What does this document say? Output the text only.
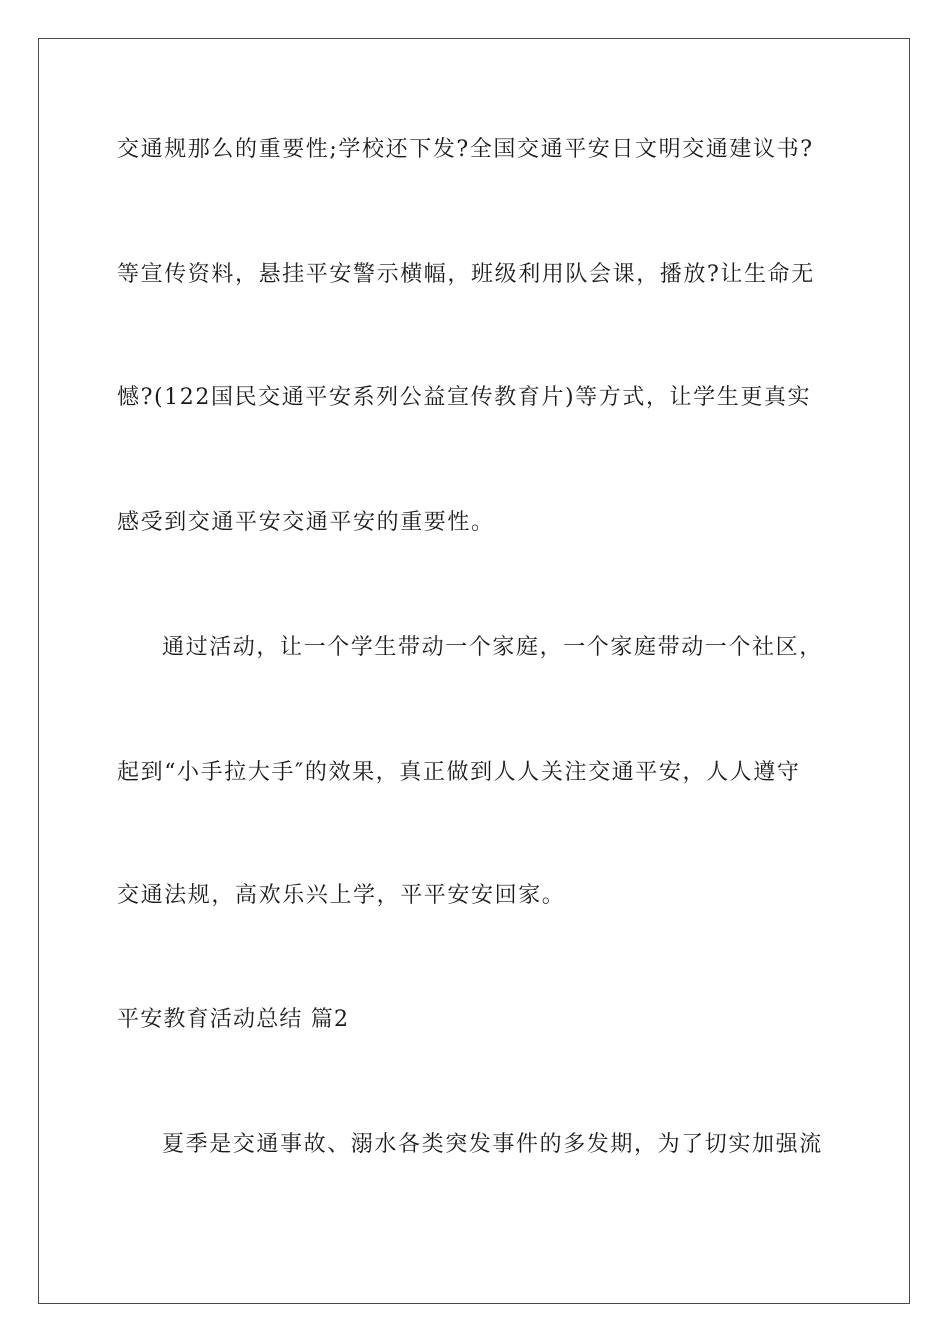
交通规那么的重要性;学校还下发?全国交通平安日文明交通建议书?

等宣传资料，悬挂平安警示横幅，班级利用队会课，播放?让生命无

憾?(122国民交通平安系列公益宣传教育片)等方式，让学生更真实

感受到交通平安交通平安的重要性。

通过活动，让一个学生带动一个家庭，一个家庭带动一个社区，

起到“小手拉大手″的效果，真正做到人人关注交通平安，人人遵守

交通法规，高欢乐兴上学，平平安安回家。

平安教育活动总结 篇2

夏季是交通事故、溺水各类突发事件的多发期，为了切实加强流
